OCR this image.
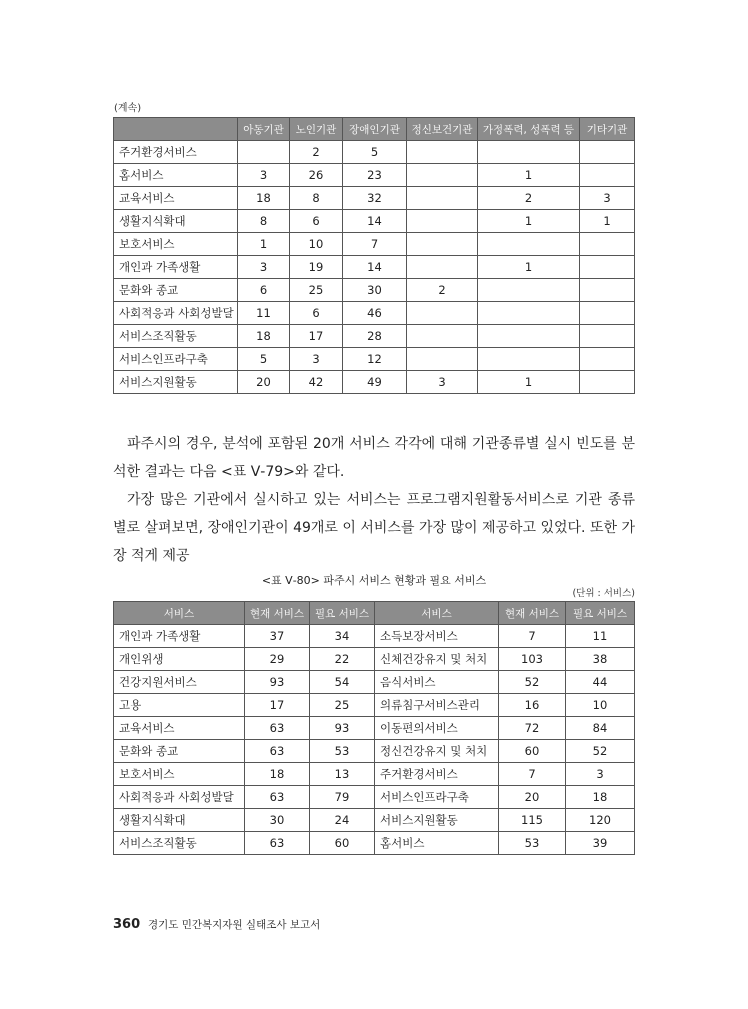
(계속)
	아동기관	노인기관	장애인기관	정신보건기관	가정폭력, 성폭력 등	기타기관
주거환경서비스		2	5			
홈서비스	3	26	23		1	
교육서비스	18	8	32		2	3
생활지식확대	8	6	14		1	1
보호서비스	1	10	7			
개인과 가족생활	3	19	14		1	
문화와 종교	6	25	30	2		
사회적응과 사회성발달	11	6	46			
서비스조직활동	18	17	28			
서비스인프라구축	5	3	12			
서비스지원활동	20	42	49	3	1	

파주시의 경우, 분석에 포함된 20개 서비스 각각에 대해 기관종류별 실시 빈도를 분석한 결과는 다음 <표 Ⅴ-79>와 같다.

가장 많은 기관에서 실시하고 있는 서비스는 프로그램지원활동서비스로 기관 종류별로 살펴보면, 장애인기관이 49개로 이 서비스를 가장 많이 제공하고 있었다. 또한 가장 적게 제공

<표 Ⅴ-80> 파주시 서비스 현황과 필요 서비스
(단위 : 서비스)
서비스	현재 서비스	필요 서비스	서비스	현재 서비스	필요 서비스
개인과 가족생활	37	34	소득보장서비스	7	11
개인위생	29	22	신체건강유지 및 처치	103	38
건강지원서비스	93	54	음식서비스	52	44
고용	17	25	의류침구서비스관리	16	10
교육서비스	63	93	이동편의서비스	72	84
문화와 종교	63	53	정신건강유지 및 처치	60	52
보호서비스	18	13	주거환경서비스	7	3
사회적응과 사회성발달	63	79	서비스인프라구축	20	18
생활지식확대	30	24	서비스지원활동	115	120
서비스조직활동	63	60	홈서비스	53	39
360 경기도 민간복지자원 실태조사 보고서
